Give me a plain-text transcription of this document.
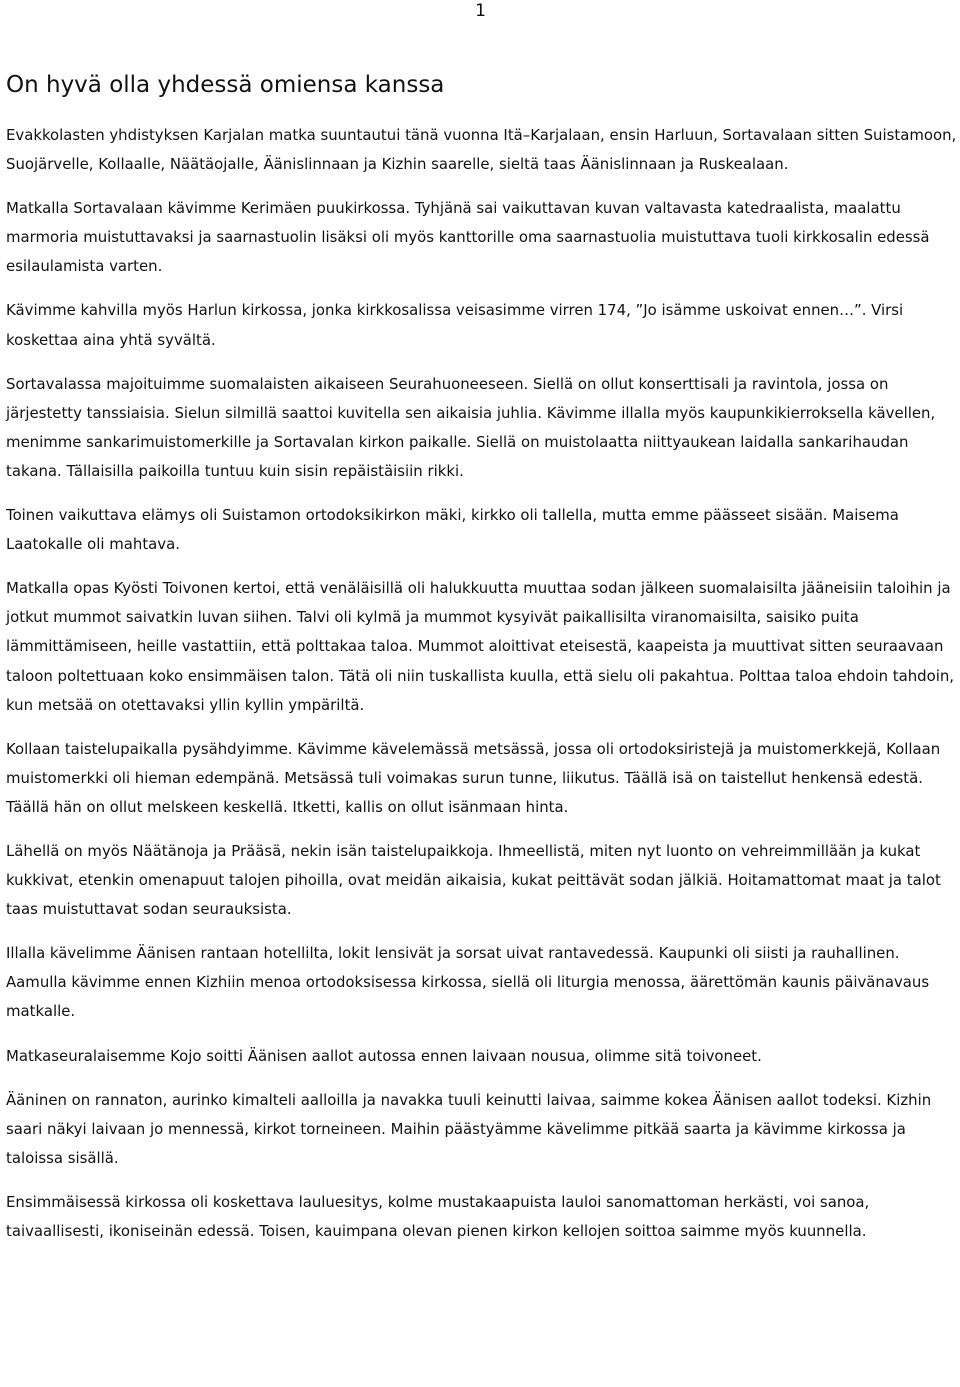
1
On hyvä olla yhdessä omiensa kanssa

Evakkolasten yhdistyksen Karjalan matka suuntautui tänä vuonna Itä–Karjalaan, ensin Harluun, Sortavalaan sitten Suistamoon, Suojärvelle, Kollaalle, Näätäojalle, Äänislinnaan ja Kizhin saarelle, sieltä taas Äänislinnaan ja Ruskealaan.

Matkalla Sortavalaan kävimme Kerimäen puukirkossa. Tyhjänä sai vaikuttavan kuvan valtavasta katedraalista, maalattu marmoria muistuttavaksi ja saarnastuolin lisäksi oli myös kanttorille oma saarnastuolia muistuttava tuoli kirkkosalin edessä esilaulamista varten.

Kävimme kahvilla myös Harlun kirkossa, jonka kirkkosalissa veisasimme virren 174, ”Jo isämme uskoivat ennen…”. Virsi koskettaa aina yhtä syvältä.

Sortavalassa majoituimme suomalaisten aikaiseen Seurahuoneeseen. Siellä on ollut konserttisali ja ravintola, jossa on järjestetty tanssiaisia. Sielun silmillä saattoi kuvitella sen aikaisia juhlia. Kävimme illalla myös kaupunkikierroksella kävellen, menimme sankarimuistomerkille ja Sortavalan kirkon paikalle. Siellä on muistolaatta niittyaukean laidalla sankarihaudan takana. Tällaisilla paikoilla tuntuu kuin sisin repäistäisiin rikki.

Toinen vaikuttava elämys oli Suistamon ortodoksikirkon mäki, kirkko oli tallella, mutta emme päässeet sisään. Maisema Laatokalle oli mahtava.

Matkalla opas Kyösti Toivonen kertoi, että venäläisillä oli halukkuutta muuttaa sodan jälkeen suomalaisilta jääneisiin taloihin ja jotkut mummot saivatkin luvan siihen. Talvi oli kylmä ja mummot kysyivät paikallisilta viranomaisilta, saisiko puita lämmittämiseen, heille vastattiin, että polttakaa taloa. Mummot aloittivat eteisestä, kaapeista ja muuttivat sitten seuraavaan taloon poltettuaan koko ensimmäisen talon. Tätä oli niin tuskallista kuulla, että sielu oli pakahtua. Polttaa taloa ehdoin tahdoin, kun metsää on otettavaksi yllin kyllin ympäriltä.

Kollaan taistelupaikalla pysähdyimme. Kävimme kävelemässä metsässä, jossa oli ortodoksiristejä ja muistomerkkejä, Kollaan muistomerkki oli hieman edempänä. Metsässä tuli voimakas surun tunne, liikutus. Täällä isä on taistellut henkensä edestä. Täällä hän on ollut melskeen keskellä. Itketti, kallis on ollut isänmaan hinta.

Lähellä on myös Näätänoja ja Prääsä, nekin isän taistelupaikkoja. Ihmeellistä, miten nyt luonto on vehreimmillään ja kukat kukkivat, etenkin omenapuut talojen pihoilla, ovat meidän aikaisia, kukat peittävät sodan jälkiä. Hoitamattomat maat ja talot taas muistuttavat sodan seurauksista.

Illalla kävelimme Äänisen rantaan hotellilta, lokit lensivät ja sorsat uivat rantavedessä. Kaupunki oli siisti ja rauhallinen. Aamulla kävimme ennen Kizhiin menoa ortodoksisessa kirkossa, siellä oli liturgia menossa, äärettömän kaunis päivänavaus matkalle.

Matkaseuralaisemme Kojo soitti Äänisen aallot autossa ennen laivaan nousua, olimme sitä toivoneet.

Ääninen on rannaton, aurinko kimalteli aalloilla ja navakka tuuli keinutti laivaa, saimme kokea Äänisen aallot todeksi. Kizhin saari näkyi laivaan jo mennessä, kirkot torneineen. Maihin päästyämme kävelimme pitkää saarta ja kävimme kirkossa ja taloissa sisällä.

Ensimmäisessä kirkossa oli koskettava lauluesitys, kolme mustakaapuista lauloi sanomattoman herkästi, voi sanoa, taivaallisesti, ikoniseinän edessä. Toisen, kauimpana olevan pienen kirkon kellojen soittoa saimme myös kuunnella.
